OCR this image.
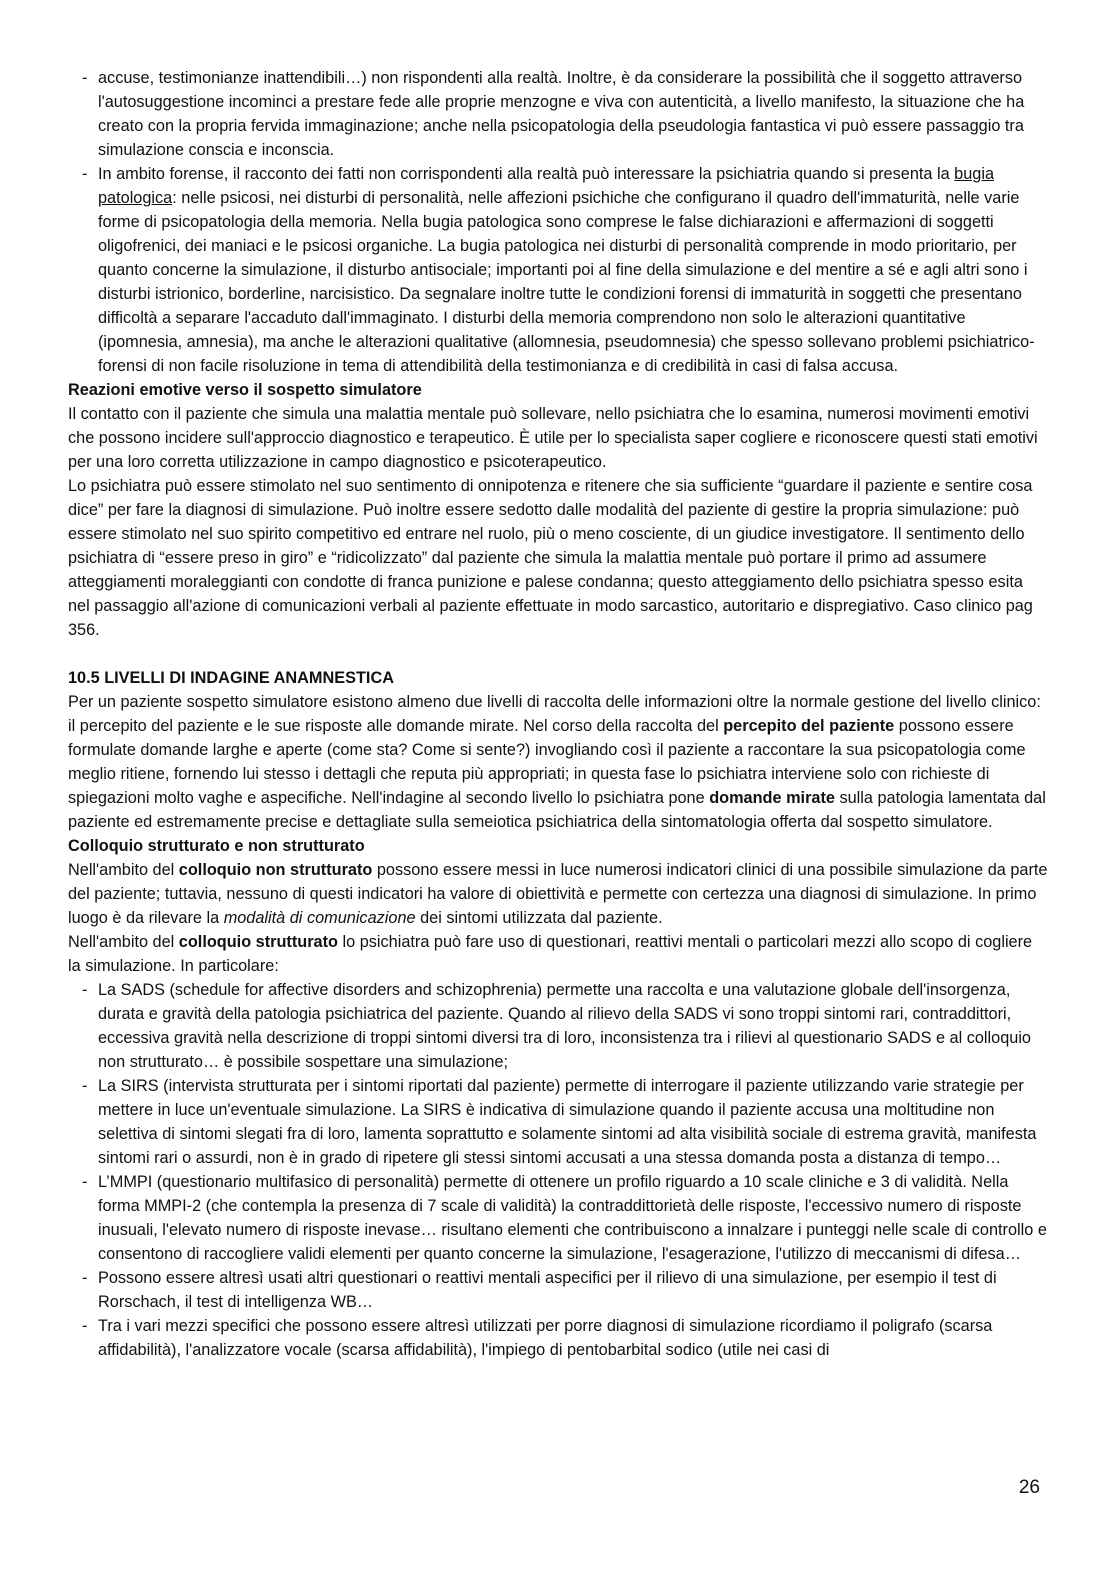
- accuse, testimonianze inattendibili…) non rispondenti alla realtà. Inoltre, è da considerare la possibilità che il soggetto attraverso l'autosuggestione incominci a prestare fede alle proprie menzogne e viva con autenticità, a livello manifesto, la situazione che ha creato con la propria fervida immaginazione; anche nella psicopatologia della pseudologia fantastica vi può essere passaggio tra simulazione conscia e inconscia.
- In ambito forense, il racconto dei fatti non corrispondenti alla realtà può interessare la psichiatria quando si presenta la bugia patologica: nelle psicosi, nei disturbi di personalità, nelle affezioni psichiche che configurano il quadro dell'immaturità, nelle varie forme di psicopatologia della memoria. Nella bugia patologica sono comprese le false dichiarazioni e affermazioni di soggetti oligofrenici, dei maniaci e le psicosi organiche. La bugia patologica nei disturbi di personalità comprende in modo prioritario, per quanto concerne la simulazione, il disturbo antisociale; importanti poi al fine della simulazione e del mentire a sé e agli altri sono i disturbi istrionico, borderline, narcisistico. Da segnalare inoltre tutte le condizioni forensi di immaturità in soggetti che presentano difficoltà a separare l'accaduto dall'immaginato. I disturbi della memoria comprendono non solo le alterazioni quantitative (ipomnesia, amnesia), ma anche le alterazioni qualitative (allomnesia, pseudomnesia) che spesso sollevano problemi psichiatrico-forensi di non facile risoluzione in tema di attendibilità della testimonianza e di credibilità in casi di falsa accusa.

Reazioni emotive verso il sospetto simulatore

Il contatto con il paziente che simula una malattia mentale può sollevare, nello psichiatra che lo esamina, numerosi movimenti emotivi che possono incidere sull'approccio diagnostico e terapeutico. È utile per lo specialista saper cogliere e riconoscere questi stati emotivi per una loro corretta utilizzazione in campo diagnostico e psicoterapeutico.

Lo psichiatra può essere stimolato nel suo sentimento di onnipotenza e ritenere che sia sufficiente “guardare il paziente e sentire cosa dice” per fare la diagnosi di simulazione. Può inoltre essere sedotto dalle modalità del paziente di gestire la propria simulazione: può essere stimolato nel suo spirito competitivo ed entrare nel ruolo, più o meno cosciente, di un giudice investigatore. Il sentimento dello psichiatra di “essere preso in giro” e “ridicolizzato” dal paziente che simula la malattia mentale può portare il primo ad assumere atteggiamenti moraleggianti con condotte di franca punizione e palese condanna; questo atteggiamento dello psichiatra spesso esita nel passaggio all'azione di comunicazioni verbali al paziente effettuate in modo sarcastico, autoritario e dispregiativo. Caso clinico pag 356.

10.5 LIVELLI DI INDAGINE ANAMNESTICA

Per un paziente sospetto simulatore esistono almeno due livelli di raccolta delle informazioni oltre la normale gestione del livello clinico: il percepito del paziente e le sue risposte alle domande mirate. Nel corso della raccolta del percepito del paziente possono essere formulate domande larghe e aperte (come sta? Come si sente?) invogliando così il paziente a raccontare la sua psicopatologia come meglio ritiene, fornendo lui stesso i dettagli che reputa più appropriati; in questa fase lo psichiatra interviene solo con richieste di spiegazioni molto vaghe e aspecifiche. Nell'indagine al secondo livello lo psichiatra pone domande mirate sulla patologia lamentata dal paziente ed estremamente precise e dettagliate sulla semeiotica psichiatrica della sintomatologia offerta dal sospetto simulatore.

Colloquio strutturato e non strutturato

Nell'ambito del colloquio non strutturato possono essere messi in luce numerosi indicatori clinici di una possibile simulazione da parte del paziente; tuttavia, nessuno di questi indicatori ha valore di obiettività e permette con certezza una diagnosi di simulazione. In primo luogo è da rilevare la modalità di comunicazione dei sintomi utilizzata dal paziente.

Nell'ambito del colloquio strutturato lo psichiatra può fare uso di questionari, reattivi mentali o particolari mezzi allo scopo di cogliere la simulazione. In particolare:

- La SADS (schedule for affective disorders and schizophrenia) permette una raccolta e una valutazione globale dell'insorgenza, durata e gravità della patologia psichiatrica del paziente. Quando al rilievo della SADS vi sono troppi sintomi rari, contraddittori, eccessiva gravità nella descrizione di troppi sintomi diversi tra di loro, inconsistenza tra i rilievi al questionario SADS e al colloquio non strutturato… è possibile sospettare una simulazione;
- La SIRS (intervista strutturata per i sintomi riportati dal paziente) permette di interrogare il paziente utilizzando varie strategie per mettere in luce un'eventuale simulazione. La SIRS è indicativa di simulazione quando il paziente accusa una moltitudine non selettiva di sintomi slegati fra di loro, lamenta soprattutto e solamente sintomi ad alta visibilità sociale di estrema gravità, manifesta sintomi rari o assurdi, non è in grado di ripetere gli stessi sintomi accusati a una stessa domanda posta a distanza di tempo…
- L’MMPI (questionario multifasico di personalità) permette di ottenere un profilo riguardo a 10 scale cliniche e 3 di validità. Nella forma MMPI-2 (che contempla la presenza di 7 scale di validità) la contraddittorietà delle risposte, l'eccessivo numero di risposte inusuali, l'elevato numero di risposte inevase… risultano elementi che contribuiscono a innalzare i punteggi nelle scale di controllo e consentono di raccogliere validi elementi per quanto concerne la simulazione, l'esagerazione, l'utilizzo di meccanismi di difesa…
- Possono essere altresì usati altri questionari o reattivi mentali aspecifici per il rilievo di una simulazione, per esempio il test di Rorschach, il test di intelligenza WB…
- Tra i vari mezzi specifici che possono essere altresì utilizzati per porre diagnosi di simulazione ricordiamo il poligrafo (scarsa affidabilità), l'analizzatore vocale (scarsa affidabilità), l'impiego di pentobarbital sodico (utile nei casi di
26
